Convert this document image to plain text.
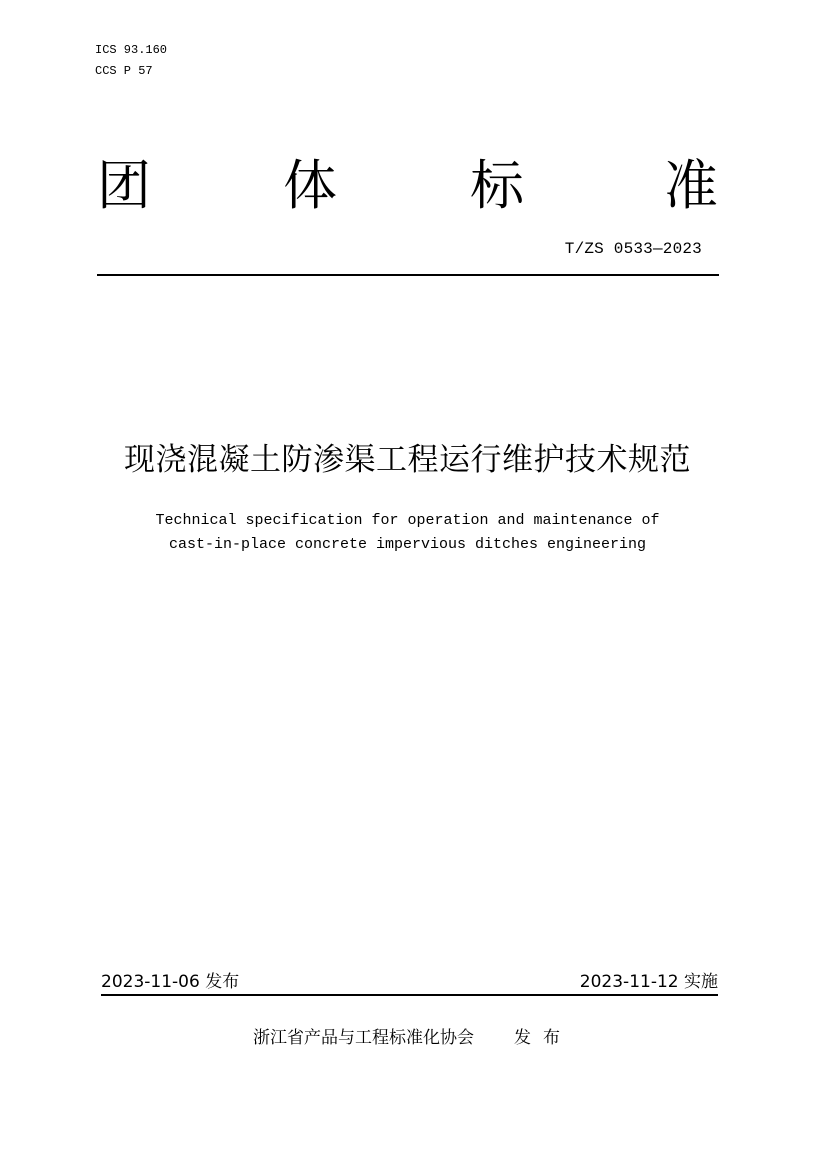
ICS 93.160
CCS P 57
团 体 标	准
T/ZS 0533—2023
现浇混凝土防渗渠工程运行维护技术规范
Technical specification for operation and maintenance of
cast-in-place concrete impervious ditches engineering
2023-11-06 发布	2023-11-12 实施
浙江省产品与工程标准化协会 发布
